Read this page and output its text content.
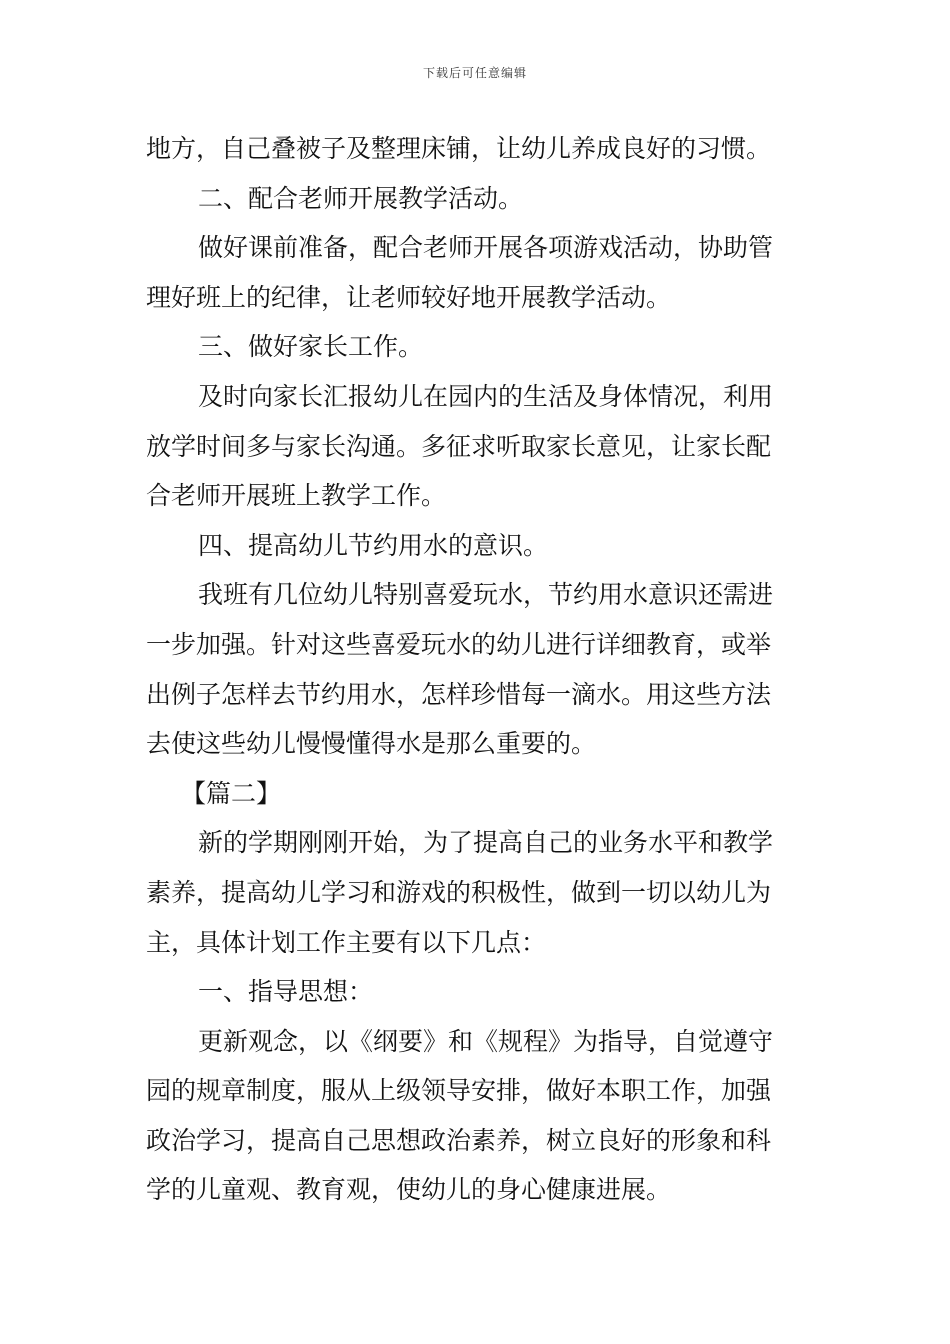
下载后可任意编辑
地方，自己叠被子及整理床铺，让幼儿养成良好的习惯。
二、配合老师开展教学活动。
做好课前准备，配合老师开展各项游戏活动，协助管
理好班上的纪律，让老师较好地开展教学活动。
三、做好家长工作。
及时向家长汇报幼儿在园内的生活及身体情况，利用
放学时间多与家长沟通。多征求听取家长意见，让家长配
合老师开展班上教学工作。
四、提高幼儿节约用水的意识。
我班有几位幼儿特别喜爱玩水，节约用水意识还需进
一步加强。针对这些喜爱玩水的幼儿进行详细教育，或举
出例子怎样去节约用水，怎样珍惜每一滴水。用这些方法
去使这些幼儿慢慢懂得水是那么重要的。
【篇二】
新的学期刚刚开始，为了提高自己的业务水平和教学
素养，提高幼儿学习和游戏的积极性，做到一切以幼儿为
主，具体计划工作主要有以下几点：
一、指导思想：
更新观念，以《纲要》和《规程》为指导，自觉遵守
园的规章制度，服从上级领导安排，做好本职工作，加强
政治学习，提高自己思想政治素养，树立良好的形象和科
学的儿童观、教育观，使幼儿的身心健康进展。
